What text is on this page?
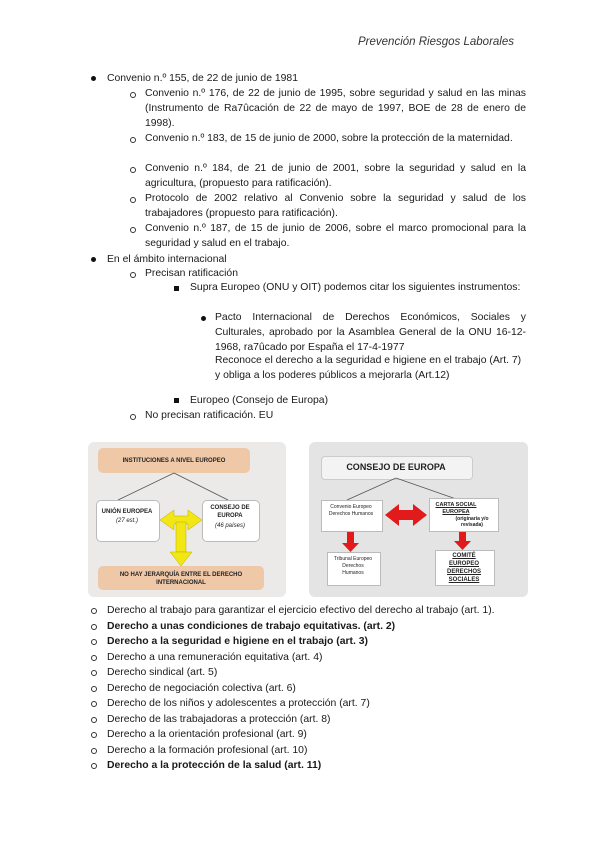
Prevención Riesgos Laborales
Convenio n.º 155, de 22 de junio de 1981
Convenio n.º 176, de 22 de junio de 1995, sobre seguridad y salud en las minas (Instrumento de Ra7ûcación de 22 de mayo de 1997, BOE de 28 de enero de 1998).
Convenio n.º 183, de 15 de junio de 2000, sobre la protección de la maternidad.
Convenio n.º 184, de 21 de junio de 2001, sobre la seguridad y salud en la agricultura, (propuesto para ratificación).
Protocolo de 2002 relativo al Convenio sobre la seguridad y salud de los trabajadores (propuesto para ratificación).
Convenio n.º 187, de 15 de junio de 2006, sobre el marco promocional para la seguridad y salud en el trabajo.
En el ámbito internacional
Precisan ratificación
Supra Europeo (ONU y OIT) podemos citar los siguientes instrumentos:
Pacto Internacional de Derechos Económicos, Sociales y Culturales, aprobado por la Asamblea General de la ONU 16-12-1968, ra7ûcado por España el 17-4-1977
Reconoce el derecho a la seguridad e higiene en el trabajo (Art. 7) y obliga a los poderes públicos a mejorarla (Art.12)
Europeo (Consejo de Europa)
No precisan ratificación. EU
INSTITUCIONES A NIVEL EUROPEO
UNIÓN EUROPEA
(27 est.)
CONSEJO DE EUROPA
(46 países)
NO HAY JERARQUÍA ENTRE EL DERECHO INTERNACIONAL
CONSEJO DE EUROPA
Convenio Europeo Derechos Humanos
CARTA SOCIAL EUROPEA
(originaria y/o revisada)
Tribunal Europeo Derechos Humanos
COMITÉ EUROPEO DERECHOS SOCIALES
Derecho al trabajo para garantizar el ejercicio efectivo del derecho al trabajo (art. 1).
Derecho a unas condiciones de trabajo equitativas. (art. 2)
Derecho a la seguridad e higiene en el trabajo (art. 3)
Derecho a una remuneración equitativa (art. 4)
Derecho sindical (art. 5)
Derecho de negociación colectiva (art. 6)
Derecho de los niños y adolescentes a protección (art. 7)
Derecho de las trabajadoras a protección (art. 8)
Derecho a la orientación profesional (art. 9)
Derecho a la formación profesional (art. 10)
Derecho a la protección de la salud (art. 11)
